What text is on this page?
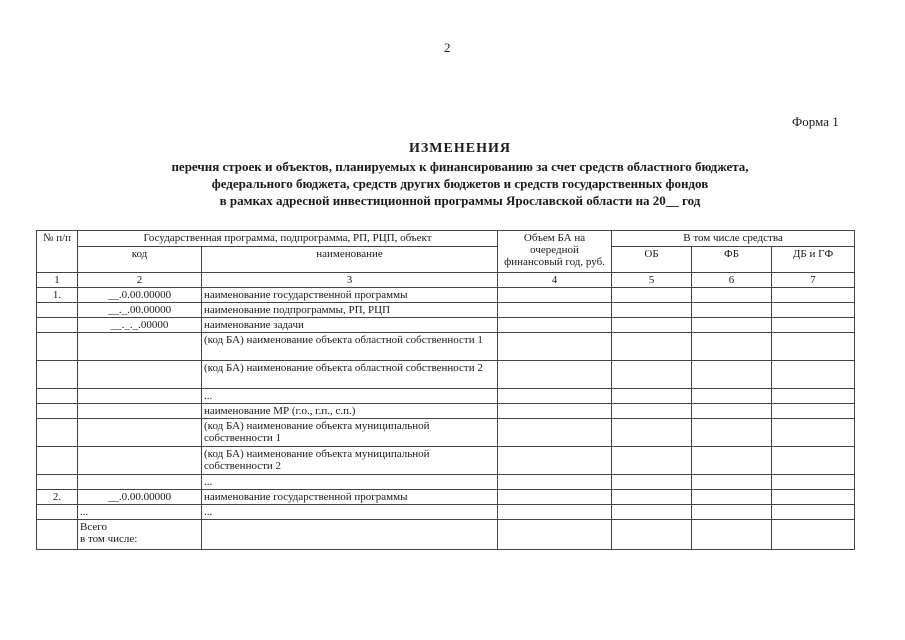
2
Форма 1
ИЗМЕНЕНИЯ
перечня строек и объектов, планируемых к финансированию за счет средств областного бюджета,
федерального бюджета, средств других бюджетов и средств государственных фондов
в рамках адресной инвестиционной программы Ярославской области на 20__ год
№ п/п	Государственная программа, подпрограмма, РП, РЦП, объект		Объем БА на очередной финансовый год, руб.	В том числе средства		
	код	наименование		ОБ	ФБ	ДБ и ГФ
1	2	3	4	5	6	7
1.	__.0.00.00000	наименование государственной программы				
	__._.00.00000	наименование подпрограммы, РП, РЦП				
	__._._.00000	наименование задачи				
		(код БА) наименование объекта областной собственности 1				
		(код БА) наименование объекта областной собственности 2				
		...				
		наименование МР (г.о., г.п., с.п.)				
		(код БА) наименование объекта муниципальной собственности 1				
		(код БА) наименование объекта муниципальной собственности 2				
		...				
2.	__.0.00.00000	наименование государственной программы				
	...	...				

	Всего
в том числе:					
